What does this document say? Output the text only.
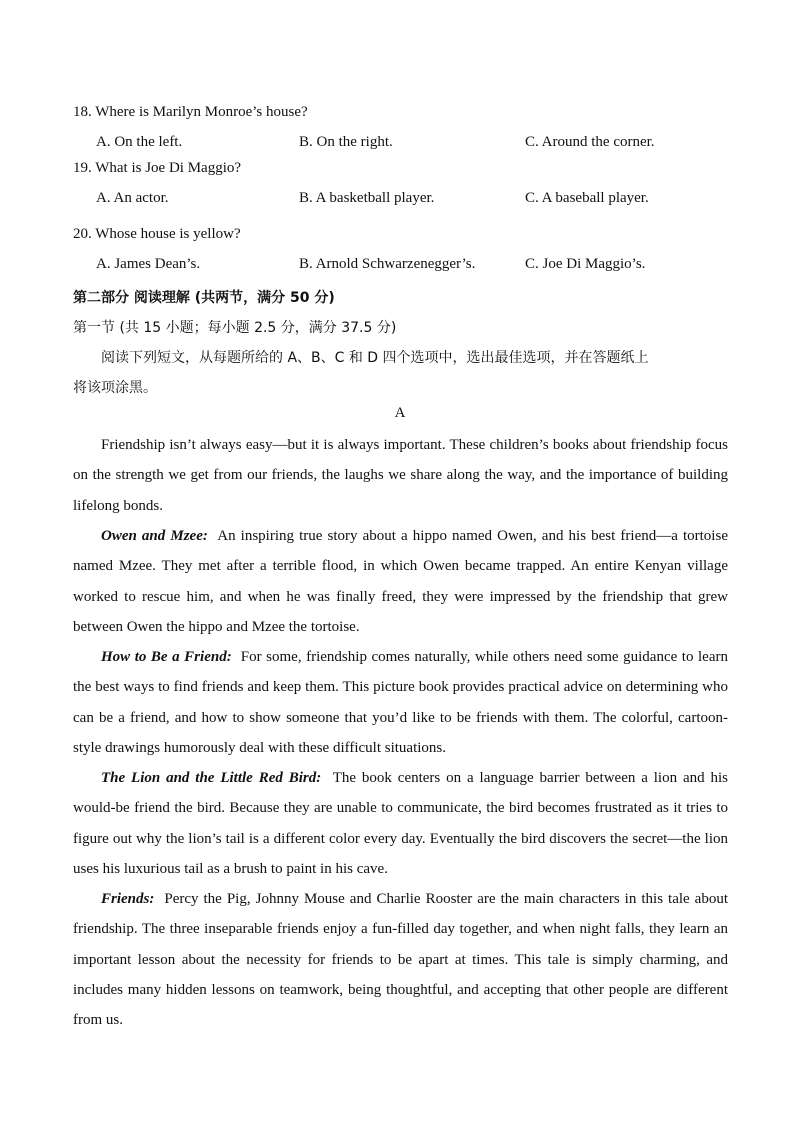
18. Where is Marilyn Monroe’s house?
A. On the left.	B. On the right.	C. Around the corner.
19. What is Joe Di Maggio?
A. An actor.	B. A basketball player.	C. A baseball player.
20. Whose house is yellow?
A. James Dean’s.	B. Arnold Schwarzenegger’s.	C. Joe Di Maggio’s.
第二部分 阅读理解 (共两节，满分 50 分)
第一节 (共 15 小题；每小题 2.5 分，满分 37.5 分)
阅读下列短文，从每题所给的 A、B、C 和 D 四个选项中，选出最佳选项，并在答题纸上
将该项涂黑。
A

Friendship isn’t always easy—but it is always important. These children’s books about friendship focus on the strength we get from our friends, the laughs we share along the way, and the importance of building lifelong bonds.

Owen and Mzee: An inspiring true story about a hippo named Owen, and his best friend—a tortoise named Mzee. They met after a terrible flood, in which Owen became trapped. An entire Kenyan village worked to rescue him, and when he was finally freed, they were impressed by the friendship that grew between Owen the hippo and Mzee the tortoise.

How to Be a Friend: For some, friendship comes naturally, while others need some guidance to learn the best ways to find friends and keep them. This picture book provides practical advice on determining who can be a friend, and how to show someone that you’d like to be friends with them. The colorful, cartoon-style drawings humorously deal with these difficult situations.

The Lion and the Little Red Bird: The book centers on a language barrier between a lion and his would-be friend the bird. Because they are unable to communicate, the bird becomes frustrated as it tries to figure out why the lion’s tail is a different color every day. Eventually the bird discovers the secret—the lion uses his luxurious tail as a brush to paint in his cave.

Friends: Percy the Pig, Johnny Mouse and Charlie Rooster are the main characters in this tale about friendship. The three inseparable friends enjoy a fun-filled day together, and when night falls, they learn an important lesson about the necessity for friends to be apart at times. This tale is simply charming, and includes many hidden lessons on teamwork, being thoughtful, and accepting that other people are different from us.
